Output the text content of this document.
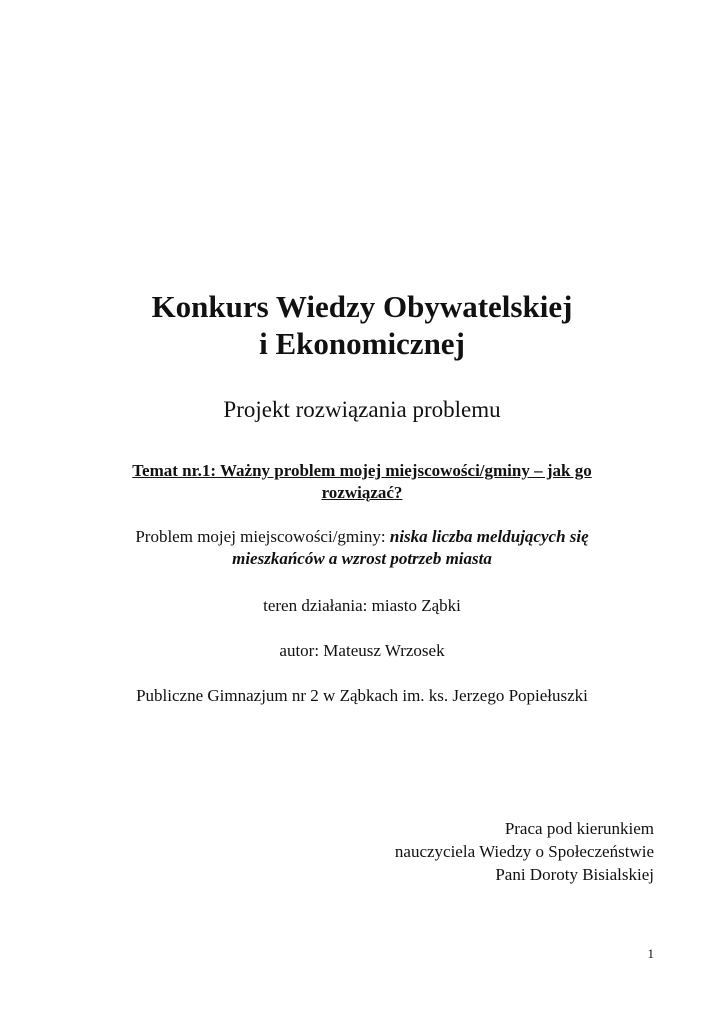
Konkurs Wiedzy Obywatelskiej
i Ekonomicznej
Projekt rozwiązania problemu
Temat nr.1: Ważny problem mojej miejscowości/gminy – jak go
rozwiązać?
Problem mojej miejscowości/gminy: niska liczba meldujących się
mieszkańców a wzrost potrzeb miasta
teren działania: miasto Ząbki
autor: Mateusz Wrzosek
Publiczne Gimnazjum nr 2 w Ząbkach im. ks. Jerzego Popiełuszki
Praca pod kierunkiem
nauczyciela Wiedzy o Społeczeństwie
Pani Doroty Bisialskiej
1
